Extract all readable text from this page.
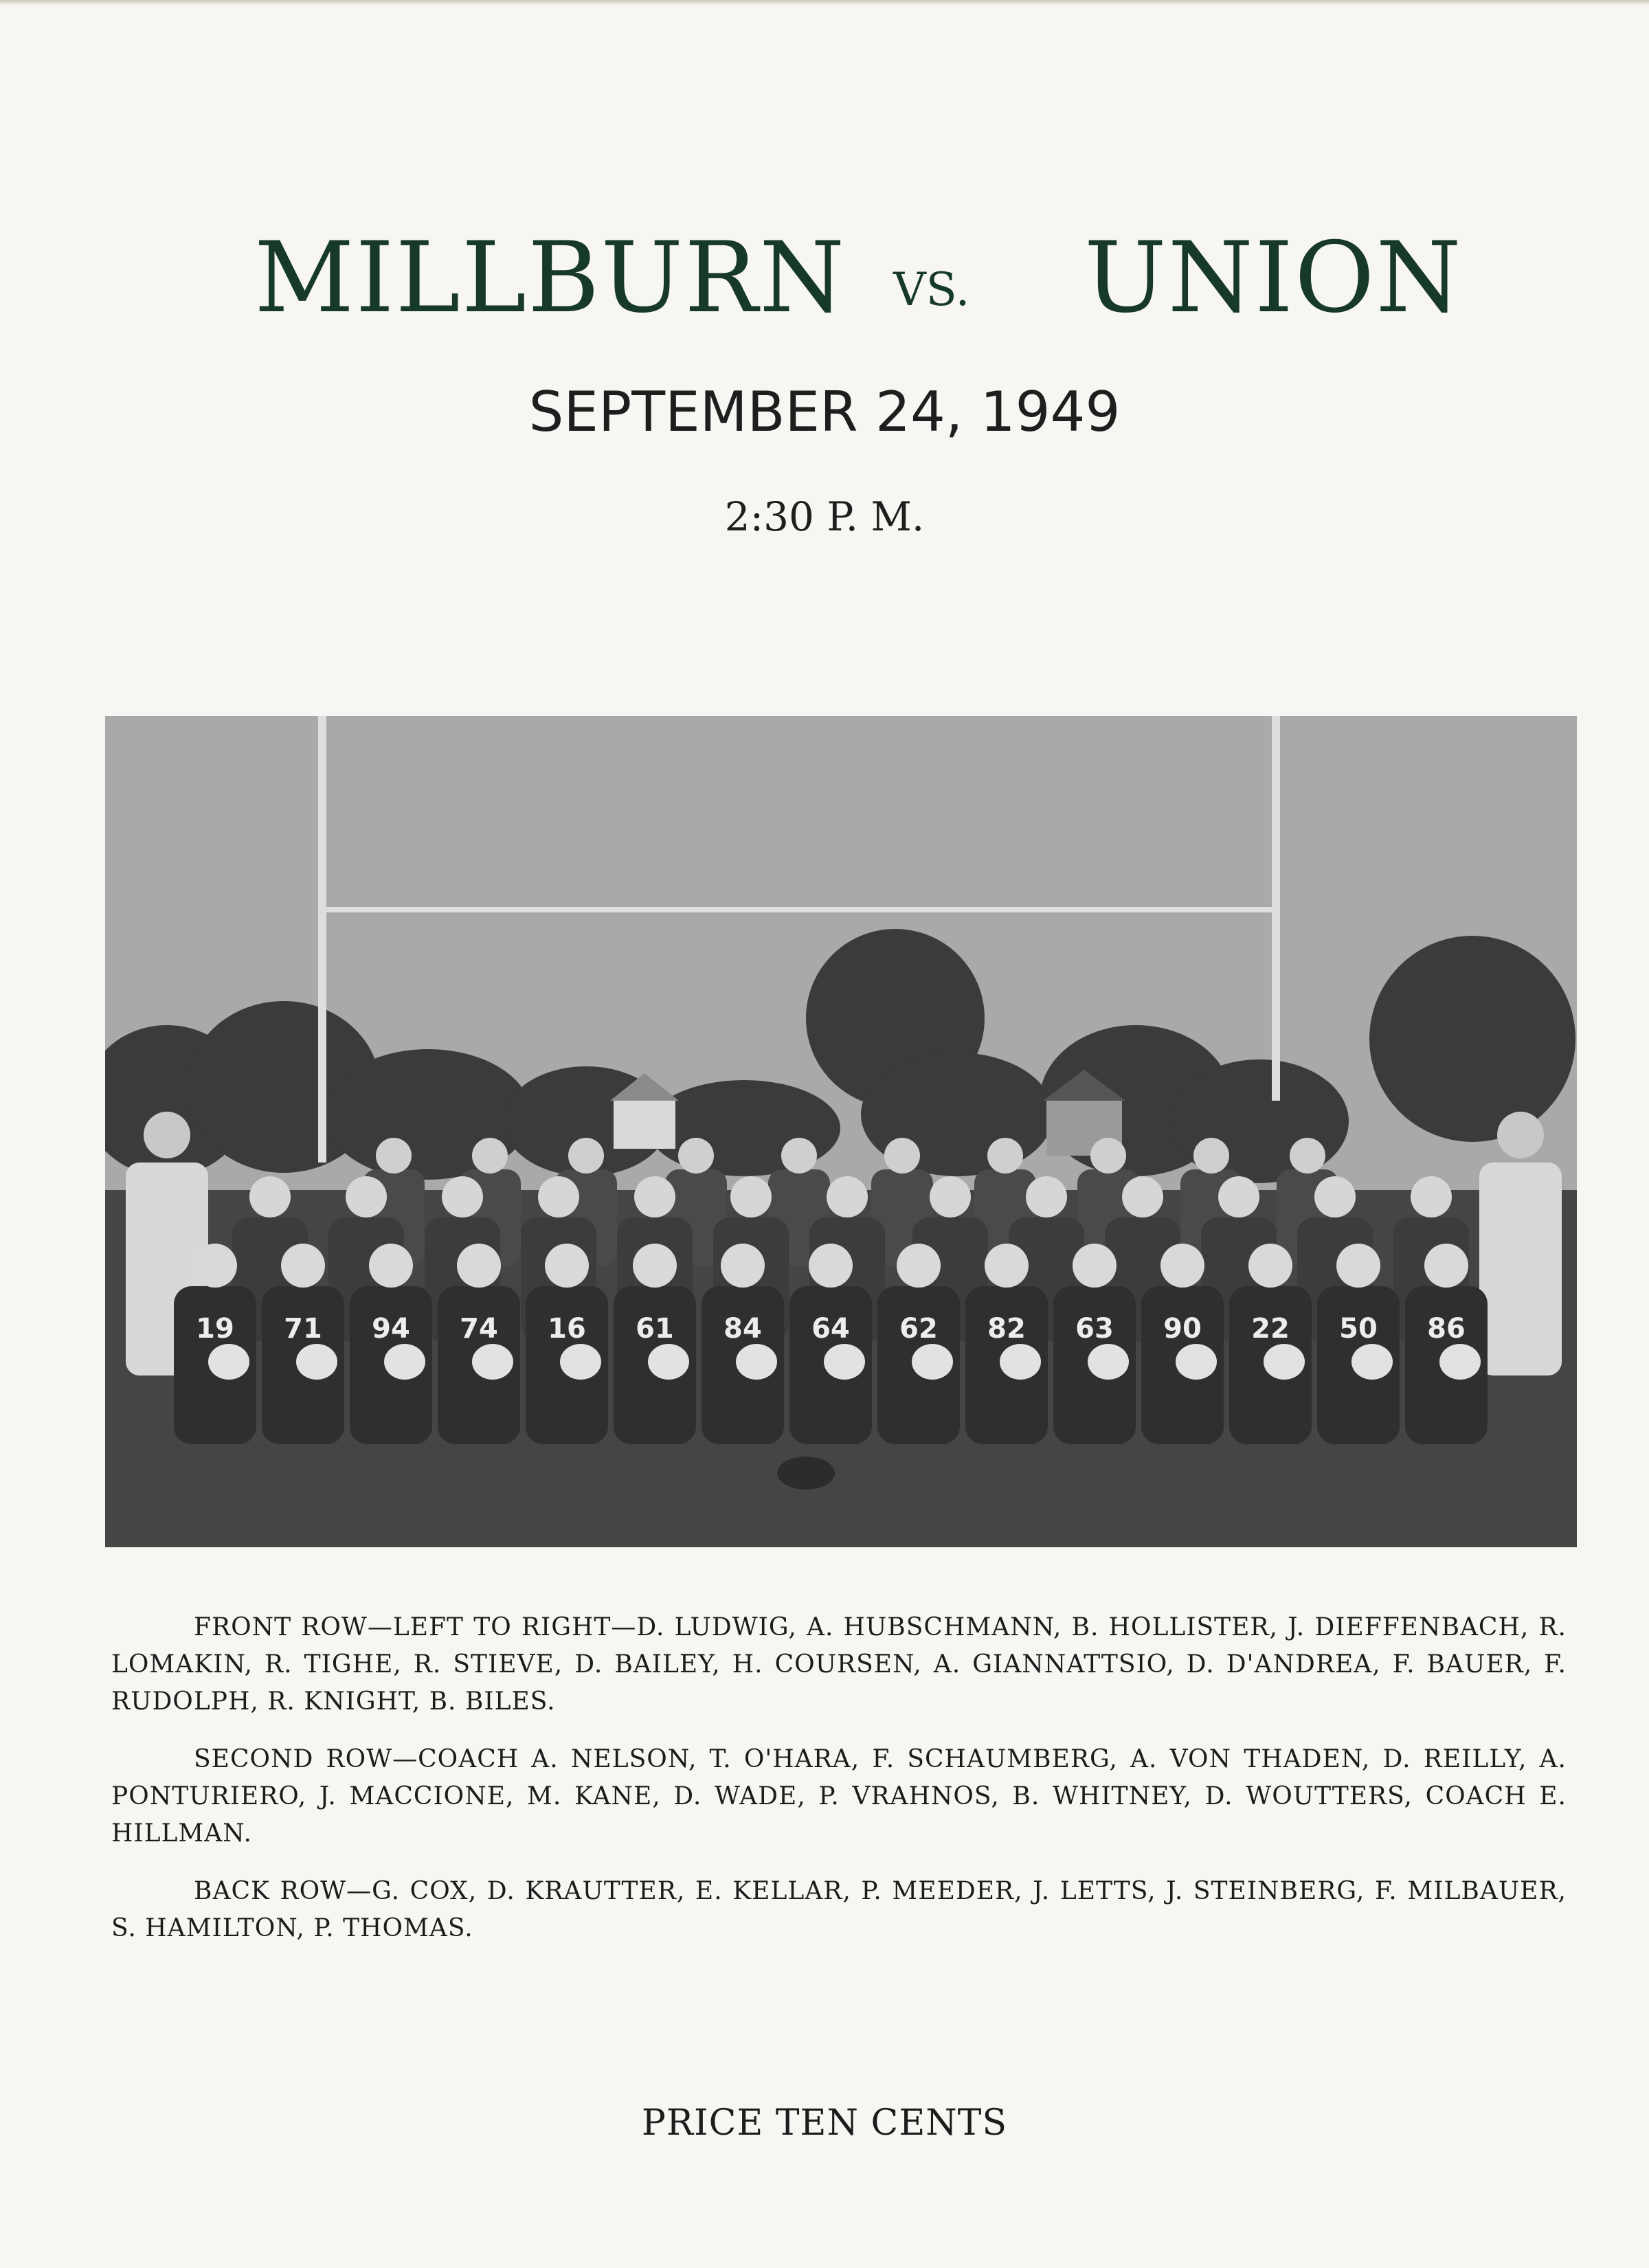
MILLBURN VS. UNION
SEPTEMBER 24, 1949
2:30 P. M.
19 71 94 74 16 61 84 64 62 82 63 90 22 50 86
FRONT ROW—LEFT TO RIGHT—D. LUDWIG, A. HUBSCHMANN, B. HOLLISTER, J. DIEFFENBACH, R. LOMAKIN, R. TIGHE, R. STIEVE, D. BAILEY, H. COURSEN, A. GIANNATTSIO, D. D'ANDREA, F. BAUER, F. RUDOLPH, R. KNIGHT, B. BILES.
SECOND ROW—COACH A. NELSON, T. O'HARA, F. SCHAUMBERG, A. VON THADEN, D. REILLY, A. PONTURIERO, J. MACCIONE, M. KANE, D. WADE, P. VRAHNOS, B. WHITNEY, D. WOUTTERS, COACH E. HILLMAN.
BACK ROW—G. COX, D. KRAUTTER, E. KELLAR, P. MEEDER, J. LETTS, J. STEINBERG, F. MILBAUER, S. HAMILTON, P. THOMAS.
PRICE TEN CENTS
